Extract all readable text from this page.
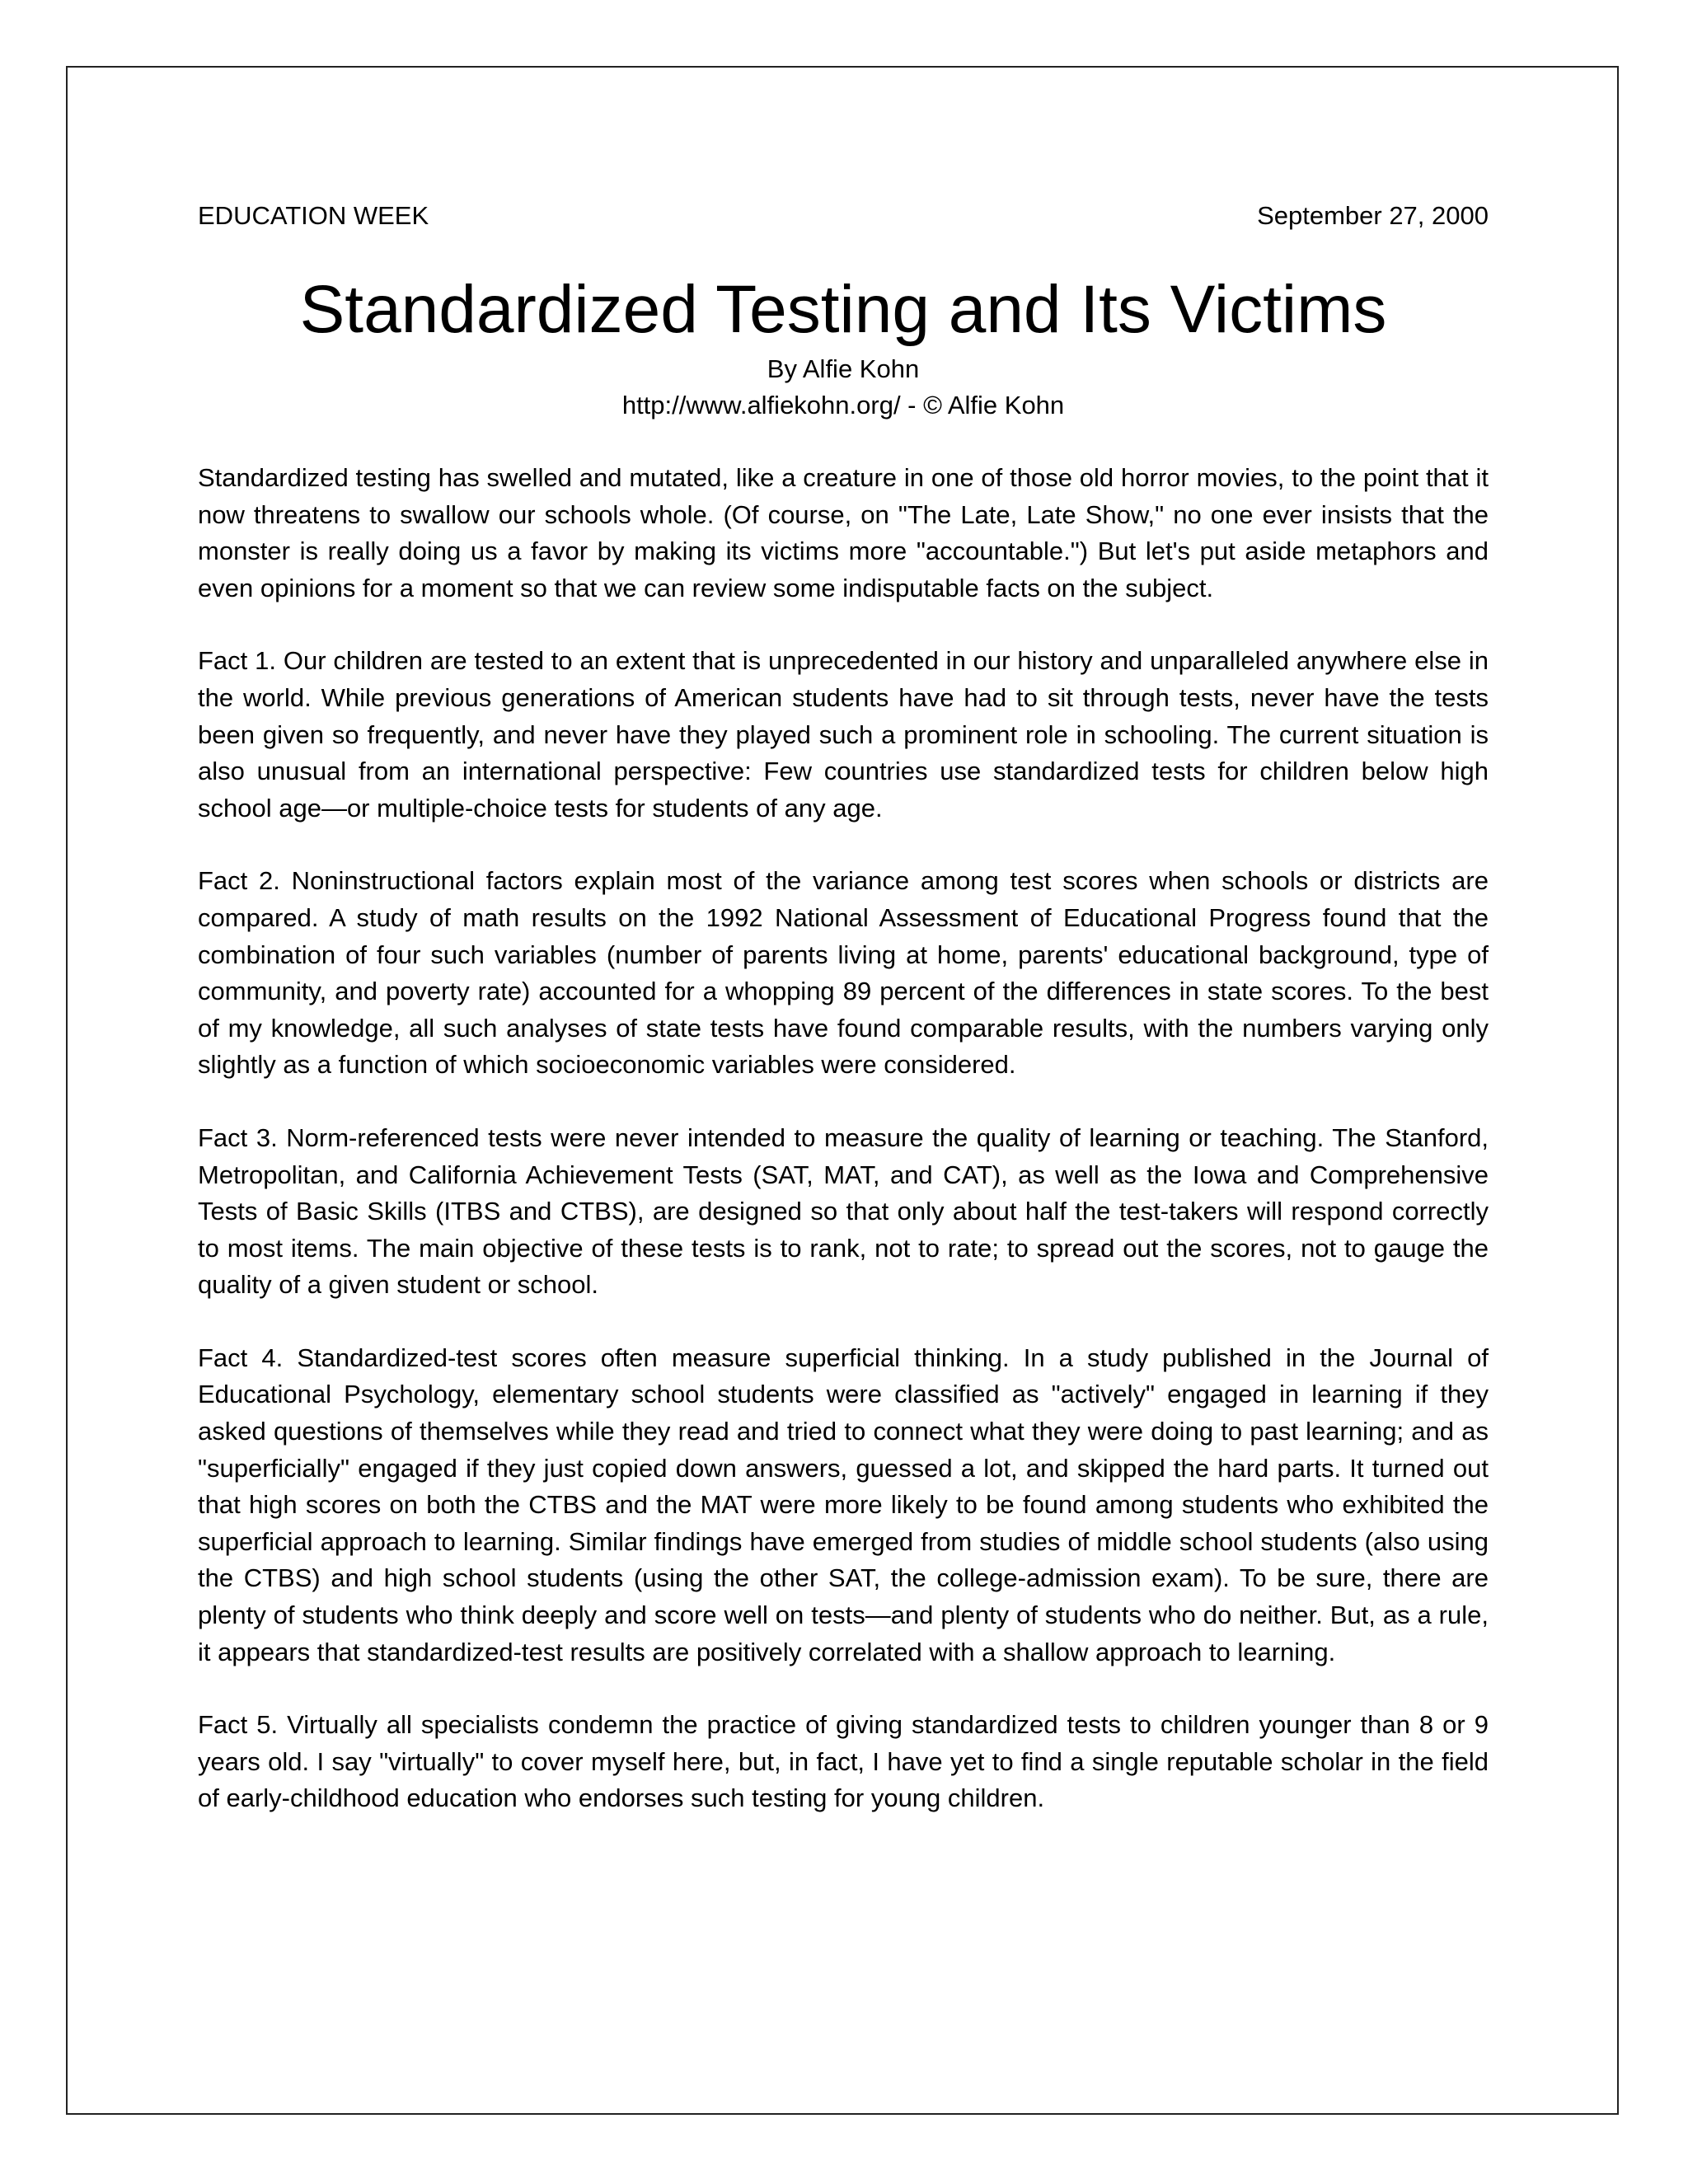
EDUCATION WEEK	September 27, 2000
Standardized Testing and Its Victims
By Alfie Kohn
http://www.alfiekohn.org/ - © Alfie Kohn

Standardized testing has swelled and mutated, like a creature in one of those old horror movies, to the point that it now threatens to swallow our schools whole. (Of course, on "The Late, Late Show," no one ever insists that the monster is really doing us a favor by making its victims more "accountable.") But let's put aside metaphors and even opinions for a moment so that we can review some indisputable facts on the subject.

Fact 1. Our children are tested to an extent that is unprecedented in our history and unparalleled anywhere else in the world. While previous generations of American students have had to sit through tests, never have the tests been given so frequently, and never have they played such a prominent role in schooling. The current situation is also unusual from an international perspective: Few countries use standardized tests for children below high school age—or multiple-choice tests for students of any age.

Fact 2. Noninstructional factors explain most of the variance among test scores when schools or districts are compared. A study of math results on the 1992 National Assessment of Educational Progress found that the combination of four such variables (number of parents living at home, parents' educational background, type of community, and poverty rate) accounted for a whopping 89 percent of the differences in state scores. To the best of my knowledge, all such analyses of state tests have found comparable results, with the numbers varying only slightly as a function of which socioeconomic variables were considered.

Fact 3. Norm-referenced tests were never intended to measure the quality of learning or teaching. The Stanford, Metropolitan, and California Achievement Tests (SAT, MAT, and CAT), as well as the Iowa and Comprehensive Tests of Basic Skills (ITBS and CTBS), are designed so that only about half the test-takers will respond correctly to most items. The main objective of these tests is to rank, not to rate; to spread out the scores, not to gauge the quality of a given student or school.

Fact 4. Standardized-test scores often measure superficial thinking. In a study published in the Journal of Educational Psychology, elementary school students were classified as "actively" engaged in learning if they asked questions of themselves while they read and tried to connect what they were doing to past learning; and as "superficially" engaged if they just copied down answers, guessed a lot, and skipped the hard parts. It turned out that high scores on both the CTBS and the MAT were more likely to be found among students who exhibited the superficial approach to learning. Similar findings have emerged from studies of middle school students (also using the CTBS) and high school students (using the other SAT, the college-admission exam). To be sure, there are plenty of students who think deeply and score well on tests—and plenty of students who do neither. But, as a rule, it appears that standardized-test results are positively correlated with a shallow approach to learning.

Fact 5. Virtually all specialists condemn the practice of giving standardized tests to children younger than 8 or 9 years old. I say "virtually" to cover myself here, but, in fact, I have yet to find a single reputable scholar in the field of early-childhood education who endorses such testing for young children.
